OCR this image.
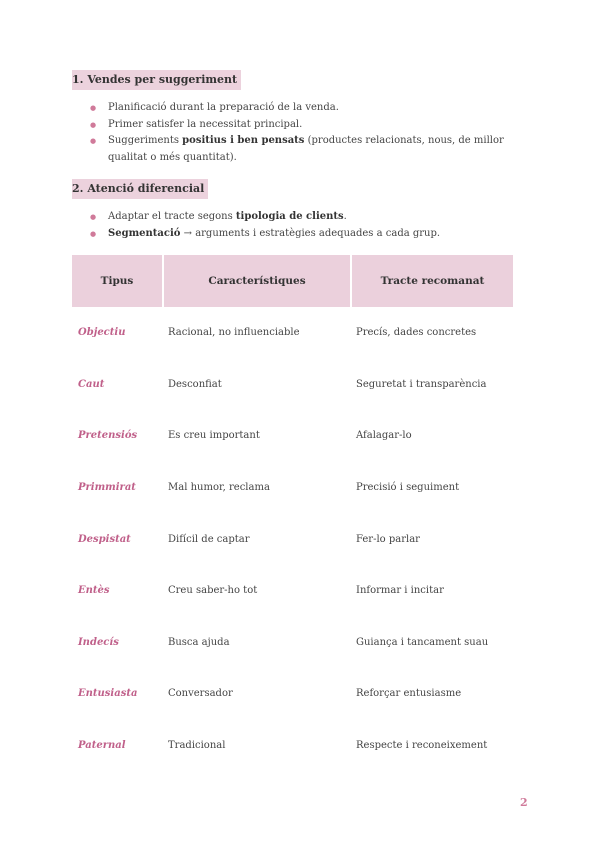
1. Vendes per suggeriment
● Planificació durant la preparació de la venda.
● Primer satisfer la necessitat principal.
● Suggeriments positius i ben pensats (productes relacionats, nous, de millor qualitat o més quantitat).
2. Atenció diferencial
● Adaptar el tracte segons tipologia de clients.
● Segmentació → arguments i estratègies adequades a cada grup.
Tipus	Característiques	Tracte recomanat
Objectiu	Racional, no influenciable	Precís, dades concretes
Caut	Desconfiat	Seguretat i transparència
Pretensiós	Es creu important	Afalagar-lo
Primmirat	Mal humor, reclama	Precisió i seguiment
Despistat	Difícil de captar	Fer-lo parlar
Entès	Creu saber-ho tot	Informar i incitar
Indecís	Busca ajuda	Guiança i tancament suau
Entusiasta	Conversador	Reforçar entusiasme
Paternal	Tradicional	Respecte i reconeixement
2
